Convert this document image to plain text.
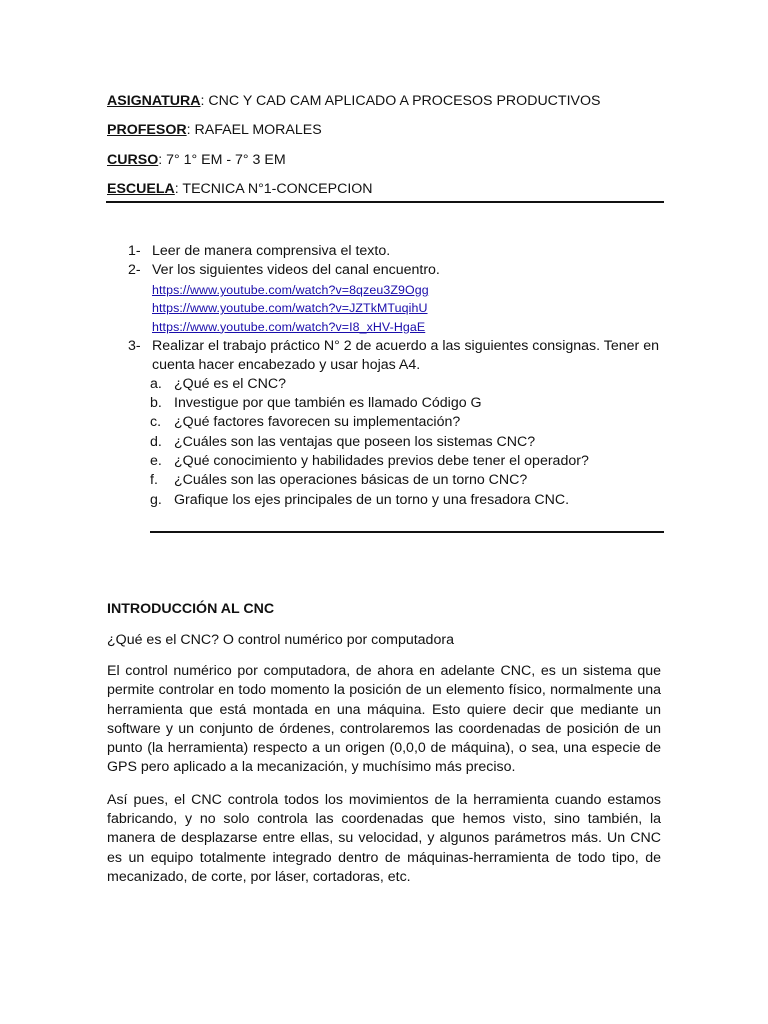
ASIGNATURA: CNC Y CAD CAM APLICADO A PROCESOS PRODUCTIVOS
PROFESOR: RAFAEL MORALES
CURSO: 7° 1° EM - 7° 3 EM
ESCUELA: TECNICA N°1-CONCEPCION
1- Leer de manera comprensiva el texto.
2- Ver los siguientes videos del canal encuentro.
https://www.youtube.com/watch?v=8qzeu3Z9Ogg
https://www.youtube.com/watch?v=JZTkMTuqihU
https://www.youtube.com/watch?v=I8_xHV-HgaE
3- Realizar el trabajo práctico N° 2 de acuerdo a las siguientes consignas. Tener en cuenta hacer encabezado y usar hojas A4.
a. ¿Qué es el CNC?
b. Investigue por que también es llamado Código G
c. ¿Qué factores favorecen su implementación?
d. ¿Cuáles son las ventajas que poseen los sistemas CNC?
e. ¿Qué conocimiento y habilidades previos debe tener el operador?
f. ¿Cuáles son las operaciones básicas de un torno CNC?
g. Grafique los ejes principales de un torno y una fresadora CNC.
INTRODUCCIÓN AL CNC
¿Qué es el CNC? O control numérico por computadora

El control numérico por computadora, de ahora en adelante CNC, es un sistema que permite controlar en todo momento la posición de un elemento físico, normalmente una herramienta que está montada en una máquina. Esto quiere decir que mediante un software y un conjunto de órdenes, controlaremos las coordenadas de posición de un punto (la herramienta) respecto a un origen (0,0,0 de máquina), o sea, una especie de GPS pero aplicado a la mecanización, y muchísimo más preciso.

Así pues, el CNC controla todos los movimientos de la herramienta cuando estamos fabricando, y no solo controla las coordenadas que hemos visto, sino también, la manera de desplazarse entre ellas, su velocidad, y algunos parámetros más. Un CNC es un equipo totalmente integrado dentro de máquinas-herramienta de todo tipo, de mecanizado, de corte, por láser, cortadoras, etc.
